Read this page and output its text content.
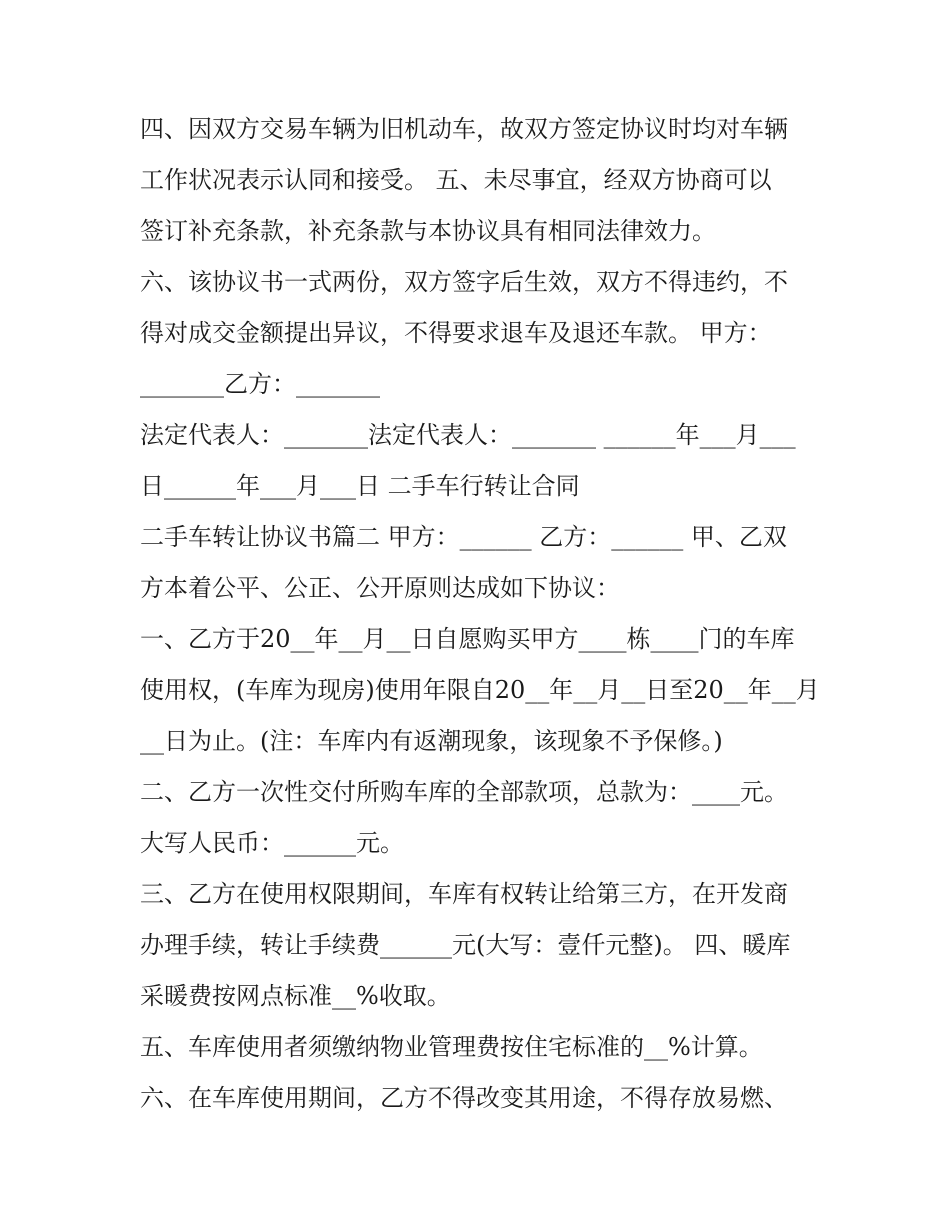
四、因双方交易车辆为旧机动车，故双方签定协议时均对车辆
工作状况表示认同和接受。 五、未尽事宜，经双方协商可以
签订补充条款，补充条款与本协议具有相同法律效力。
六、该协议书一式两份，双方签字后生效，双方不得违约，不
得对成交金额提出异议，不得要求退车及退还车款。 甲方：
_______乙方：_______
法定代表人：_______法定代表人：_______ ______年___月___
日______年___月___日 二手车行转让合同
二手车转让协议书篇二 甲方：______ 乙方：______ 甲、乙双
方本着公平、公正、公开原则达成如下协议：
一、乙方于20__年__月__日自愿购买甲方____栋____门的车库
使用权，(车库为现房)使用年限自20__年__月__日至20__年__月
__日为止。(注：车库内有返潮现象，该现象不予保修。)
二、乙方一次性交付所购车库的全部款项，总款为：____元。
大写人民币：______元。
三、乙方在使用权限期间，车库有权转让给第三方，在开发商
办理手续，转让手续费______元(大写：壹仟元整)。 四、暖库
采暖费按网点标准__%收取。
五、车库使用者须缴纳物业管理费按住宅标准的__%计算。
六、在车库使用期间，乙方不得改变其用途，不得存放易燃、
